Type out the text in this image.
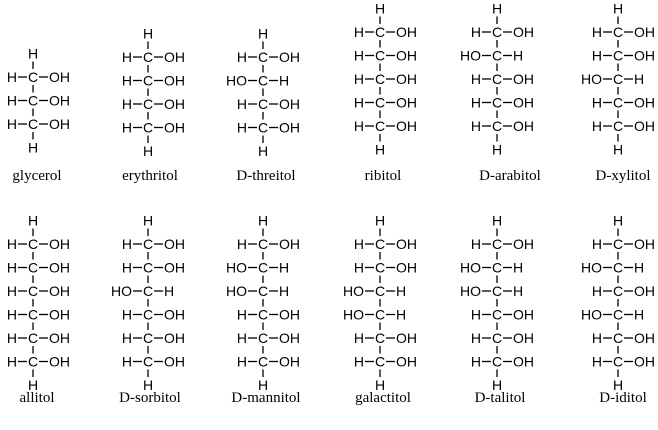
H
C
H OH
C
H OH
C
H OH
H
glycerol
H
C
H OH
C
H OH
C
H OH
C
H OH
H
erythritol
H
C
H OH
C
HO H
C
H OH
C
H OH
H
D-threitol
H
C
H OH
C
H OH
C
H OH
C
H OH
C
H OH
H
ribitol
H
C
H OH
C
HO H
C
H OH
C
H OH
C
H OH
H
D-arabitol
H
C
H OH
C
H OH
C
HO H
C
H OH
C
H OH
H
D-xylitol
H
C
H OH
C
H OH
C
H OH
C
H OH
C
H OH
C
H OH
H
allitol
H
C
H OH
C
H OH
C
HO H
C
H OH
C
H OH
C
H OH
H
D-sorbitol
H
C
H OH
C
HO H
C
HO H
C
H OH
C
H OH
C
H OH
H
D-mannitol
H
C
H OH
C
H OH
C
HO H
C
HO H
C
H OH
C
H OH
H
galactitol
H
C
H OH
C
HO H
C
HO H
C
H OH
C
H OH
C
H OH
H
D-talitol
H
C
H OH
C
HO H
C
H OH
C
HO H
C
H OH
C
H OH
H
D-iditol
